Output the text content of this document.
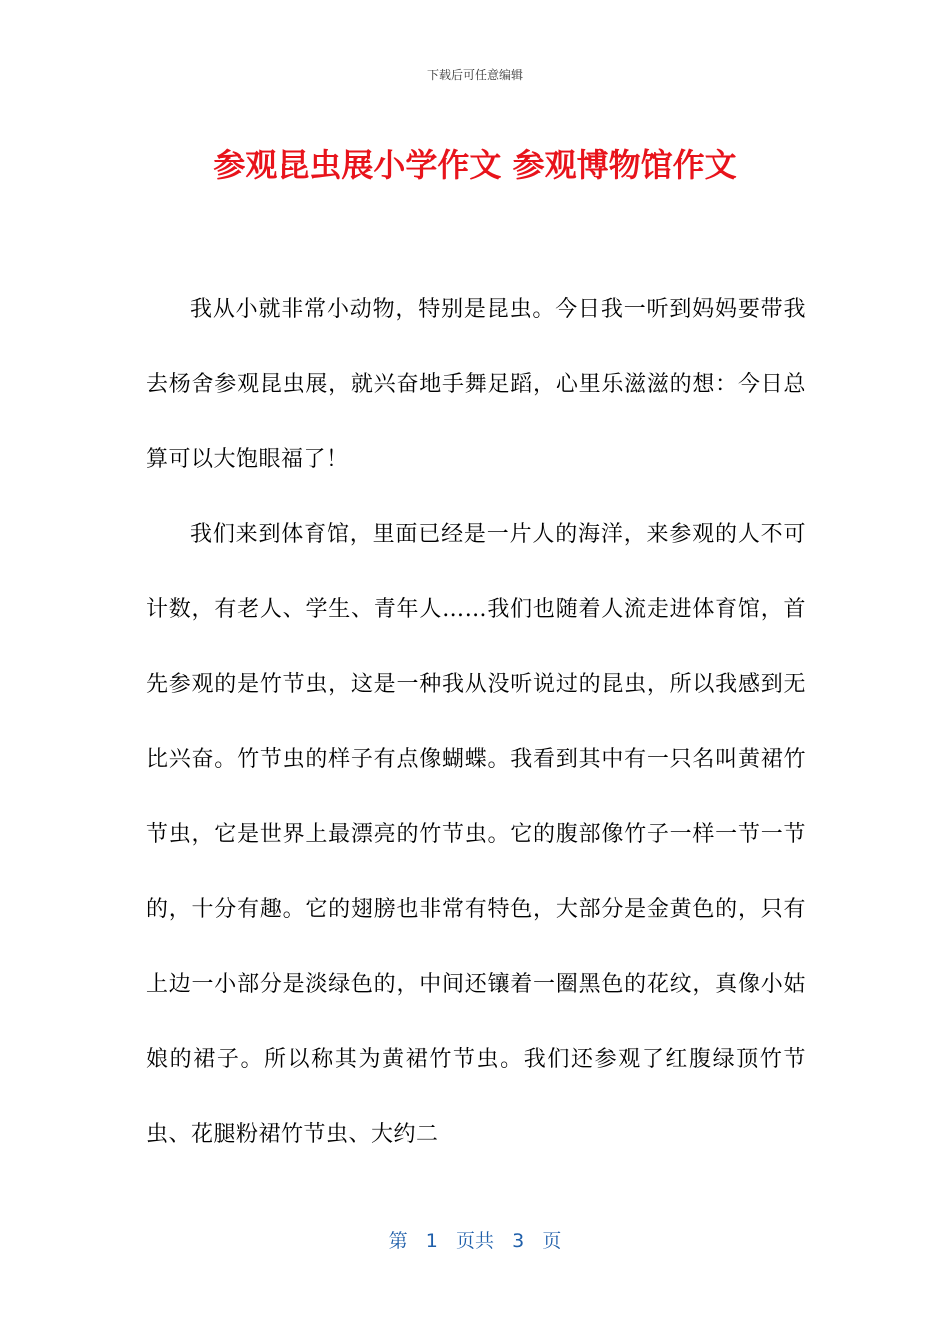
下载后可任意编辑
参观昆虫展小学作文 参观博物馆作文

我从小就非常小动物，特别是昆虫。今日我一听到妈妈要带我去杨舍参观昆虫展，就兴奋地手舞足蹈，心里乐滋滋的想：今日总算可以大饱眼福了！

我们来到体育馆，里面已经是一片人的海洋，来参观的人不可计数，有老人、学生、青年人……我们也随着人流走进体育馆，首先参观的是竹节虫，这是一种我从没听说过的昆虫，所以我感到无比兴奋。竹节虫的样子有点像蝴蝶。我看到其中有一只名叫黄裙竹节虫，它是世界上最漂亮的竹节虫。它的腹部像竹子一样一节一节的，十分有趣。它的翅膀也非常有特色，大部分是金黄色的，只有上边一小部分是淡绿色的，中间还镶着一圈黑色的花纹，真像小姑娘的裙子。所以称其为黄裙竹节虫。我们还参观了红腹绿顶竹节虫、花腿粉裙竹节虫、大约二

第 1 页共 3 页
